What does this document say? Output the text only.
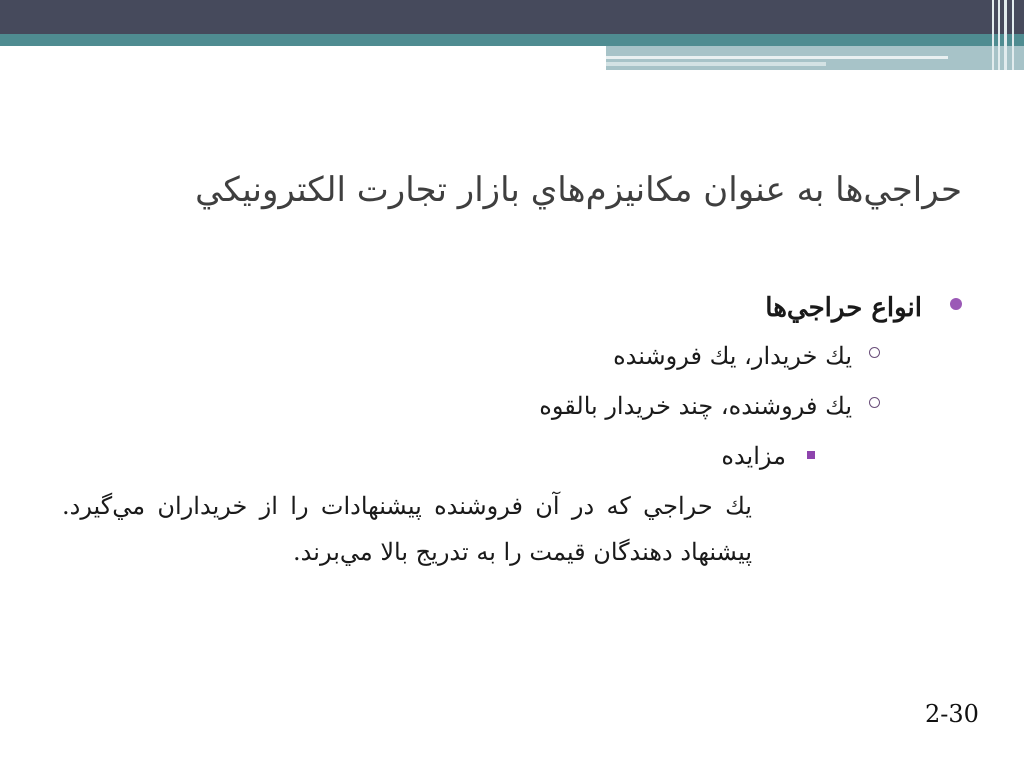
حراجي‌ها به عنوان مكانيزم‌هاي بازار تجارت الكترونيكي
انواع حراجي‌ها
يك خريدار، يك فروشنده
يك فروشنده، چند خريدار بالقوه
مزايده
يك حراجي كه در آن فروشنده پيشنهادات را از خريداران مي‌گيرد. پيشنهاد دهندگان قيمت را به تدريج بالا مي‌برند.
2-30
